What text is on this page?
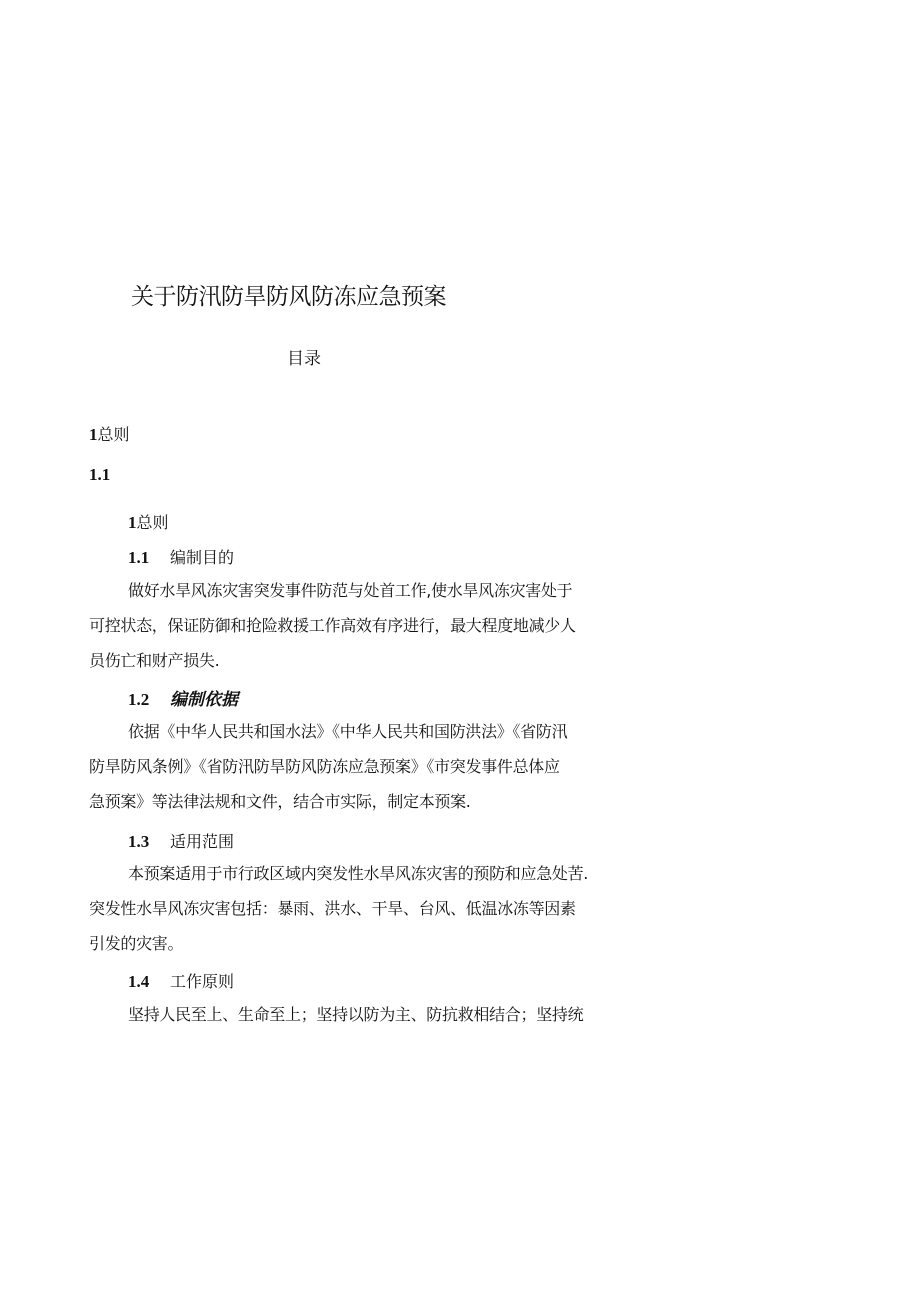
关于防汛防旱防风防冻应急预案
目录
1总则
1.1
1总则
1.1 编制目的
做好水旱风冻灾害突发事件防范与处首工作,使水旱风冻灾害处于
可控状态，保证防御和抢险救援工作高效有序进行，最大程度地减少人
员伤亡和财产损失.
1.2 编制依据
依据《中华人民共和国水法》《中华人民共和国防洪法》《省防汛
防旱防风条例》《省防汛防旱防风防冻应急预案》《市突发事件总体应
急预案》等法律法规和文件，结合市实际，制定本预案.
1.3 适用范围
本预案适用于市行政区域内突发性水旱风冻灾害的预防和应急处苦.
突发性水旱风冻灾害包括：暴雨、洪水、干旱、台风、低温冰冻等因素
引发的灾害。
1.4 工作原则
坚持人民至上、生命至上；坚持以防为主、防抗救相结合；坚持统
